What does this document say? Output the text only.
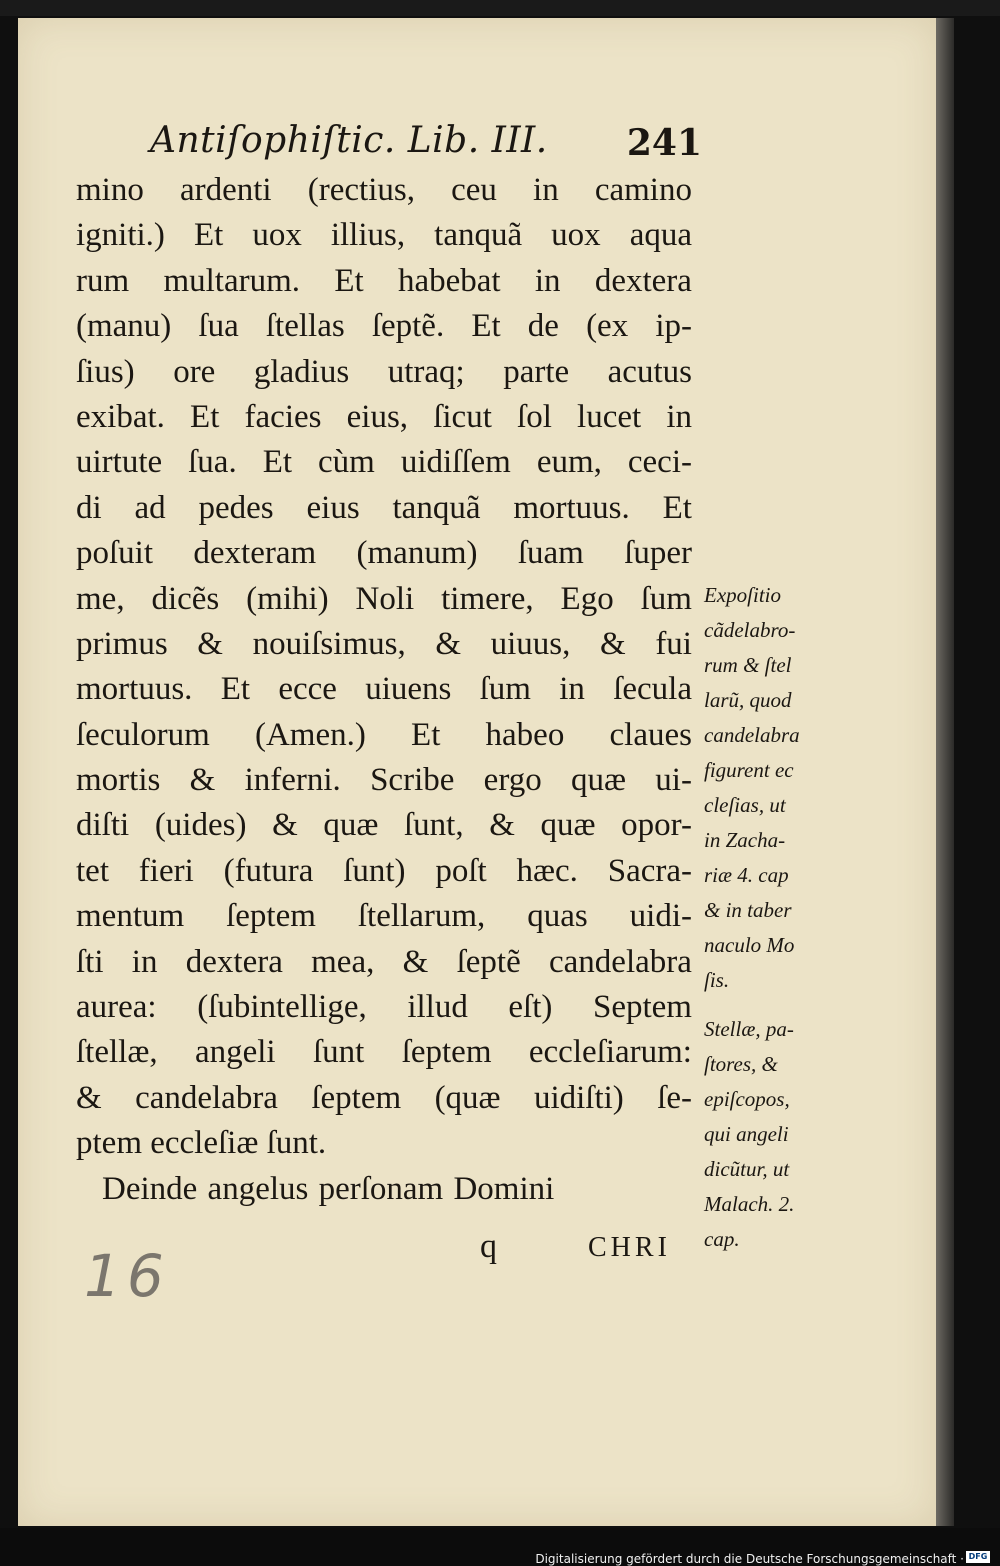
Antiſophiſtic. Lib. III. 241
mino ardenti (rectius, ceu in camino
igniti.) Et uox illius, tanquã uox aqua
rum multarum. Et habebat in dextera
(manu) ſua ſtellas ſeptẽ. Et de (ex ip-
ſius) ore gladius utraq; parte acutus
exibat. Et facies eius, ſicut ſol lucet in
uirtute ſua. Et cùm uidiſſem eum, ceci-
di ad pedes eius tanquã mortuus. Et
poſuit dexteram (manum) ſuam ſuper
me, dicẽs (mihi) Noli timere, Ego ſum
primus & nouiſsimus, & uiuus, & fui
mortuus. Et ecce uiuens ſum in ſecula
ſeculorum (Amen.) Et habeo claues
mortis & inferni. Scribe ergo quæ ui-
diſti (uides) & quæ ſunt, & quæ opor-
tet fieri (futura ſunt) poſt hæc. Sacra-
mentum ſeptem ſtellarum, quas uidi-
ſti in dextera mea, & ſeptẽ candelabra
aurea: (ſubintellige, illud eſt) Septem
ſtellæ, angeli ſunt ſeptem eccleſiarum:
& candelabra ſeptem (quæ uidiſti) ſe-
ptem eccleſiæ ſunt.
Deinde angelus perſonam Domini
Expoſitio
cãdelabro-
rum & ſtel
larũ, quod
candelabra
figurent ec
cleſias, ut
in Zacha-
riæ 4. cap
& in taber
naculo Mo
ſis.
Stellæ, pa-
ſtores, &
epiſcopos,
qui angeli
dicũtur, ut
Malach. 2.
cap.
q	CHRI
16
Digitalisierung gefördert durch die Deutsche Forschungsgemeinschaft · DFG
